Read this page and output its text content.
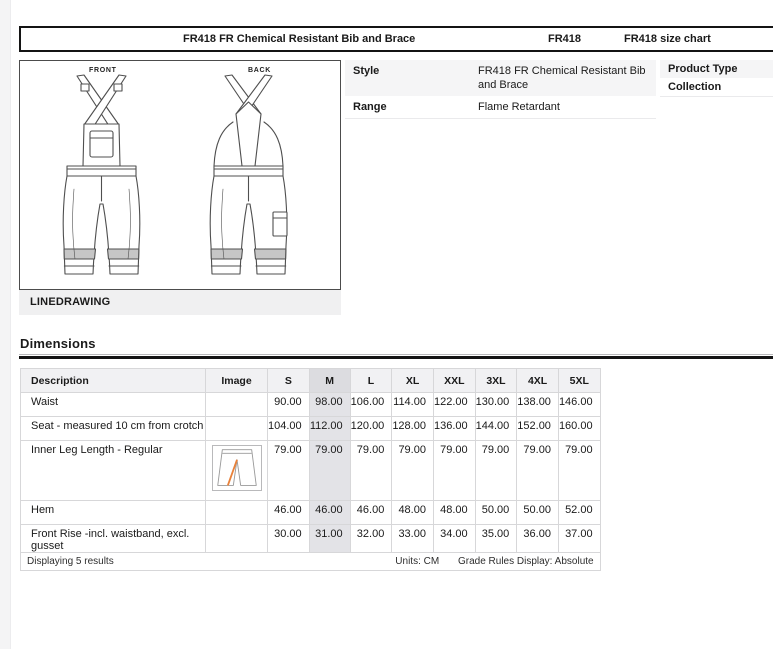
FR418 FR Chemical Resistant Bib and Brace	FR418	FR418 size chart
FRONT	BACK
LINEDRAWING
Style	FR418 FR Chemical Resistant Bib and Brace
Range	Flame Retardant
Product Type
Collection
Dimensions
Description	Image	S	M	L	XL	XXL	3XL	4XL	5XL
Waist		90.00	98.00	106.00	114.00	122.00	130.00	138.00	146.00
Seat - measured 10 cm from crotch		104.00	112.00	120.00	128.00	136.00	144.00	152.00	160.00
Inner Leg Length - Regular		79.00	79.00	79.00	79.00	79.00	79.00	79.00	79.00
Hem		46.00	46.00	46.00	48.00	48.00	50.00	50.00	52.00
Front Rise -incl. waistband, excl. gusset		30.00	31.00	32.00	33.00	34.00	35.00	36.00	37.00

Displaying 5 results Units: CM Grade Rules Display: Absolute									
